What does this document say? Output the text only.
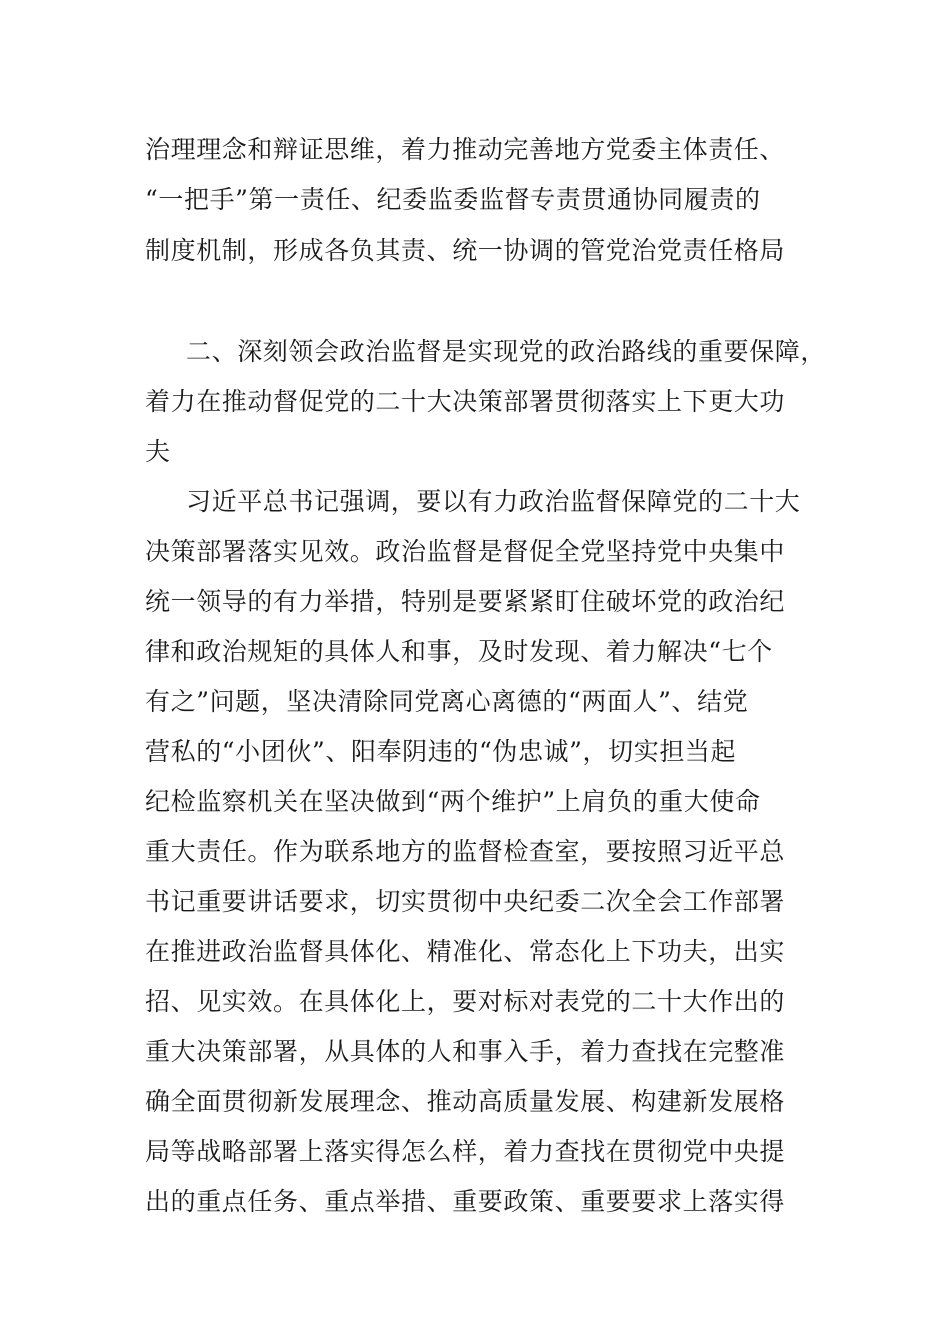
治理理念和辩证思维，着力推动完善地方党委主体责任、

“一把手”第一责任、纪委监委监督专责贯通协同履责的

制度机制，形成各负其责、统一协调的管党治党责任格局

二、深刻领会政治监督是实现党的政治路线的重要保障，

着力在推动督促党的二十大决策部署贯彻落实上下更大功

夫

习近平总书记强调，要以有力政治监督保障党的二十大

决策部署落实见效。政治监督是督促全党坚持党中央集中

统一领导的有力举措，特别是要紧紧盯住破坏党的政治纪

律和政治规矩的具体人和事，及时发现、着力解决“七个

有之”问题，坚决清除同党离心离德的“两面人”、结党

营私的“小团伙”、阳奉阴违的“伪忠诚”，切实担当起

纪检监察机关在坚决做到“两个维护”上肩负的重大使命

重大责任。作为联系地方的监督检查室，要按照习近平总

书记重要讲话要求，切实贯彻中央纪委二次全会工作部署

在推进政治监督具体化、精准化、常态化上下功夫，出实

招、见实效。在具体化上，要对标对表党的二十大作出的

重大决策部署，从具体的人和事入手，着力查找在完整准

确全面贯彻新发展理念、推动高质量发展、构建新发展格

局等战略部署上落实得怎么样，着力查找在贯彻党中央提

出的重点任务、重点举措、重要政策、重要要求上落实得
